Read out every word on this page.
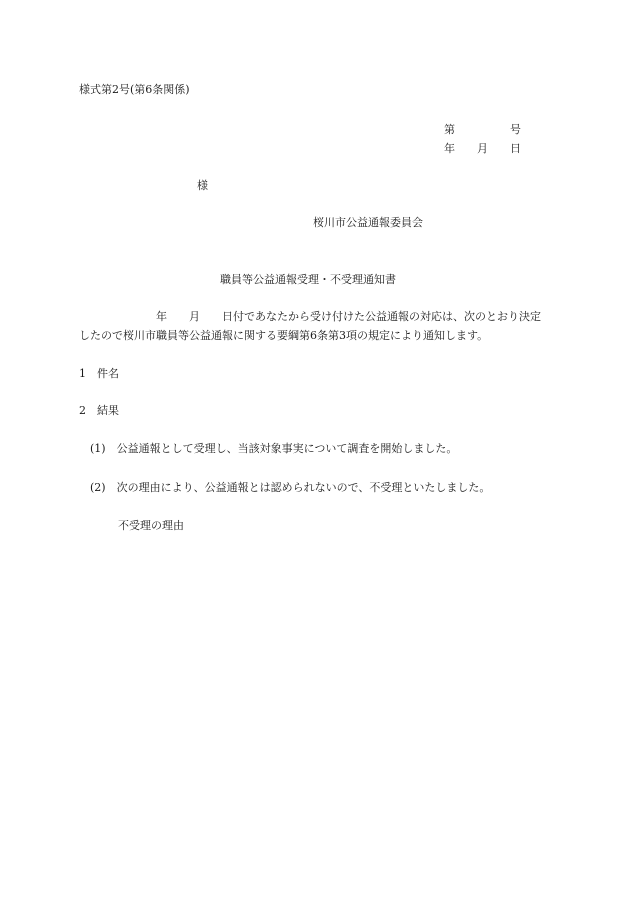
様式第2号(第6条関係)
第　　　　　号
年　　月　　日
様
桜川市公益通報委員会
職員等公益通報受理・不受理通知書
　　　　　　　年　　月　　日付であなたから受け付けた公益通報の対応は、次のとおり決定
したので桜川市職員等公益通報に関する要綱第6条第3項の規定により通知します。
1　件名
2　結果
(1)　公益通報として受理し、当該対象事実について調査を開始しました。
(2)　次の理由により、公益通報とは認められないので、不受理といたしました。
不受理の理由
